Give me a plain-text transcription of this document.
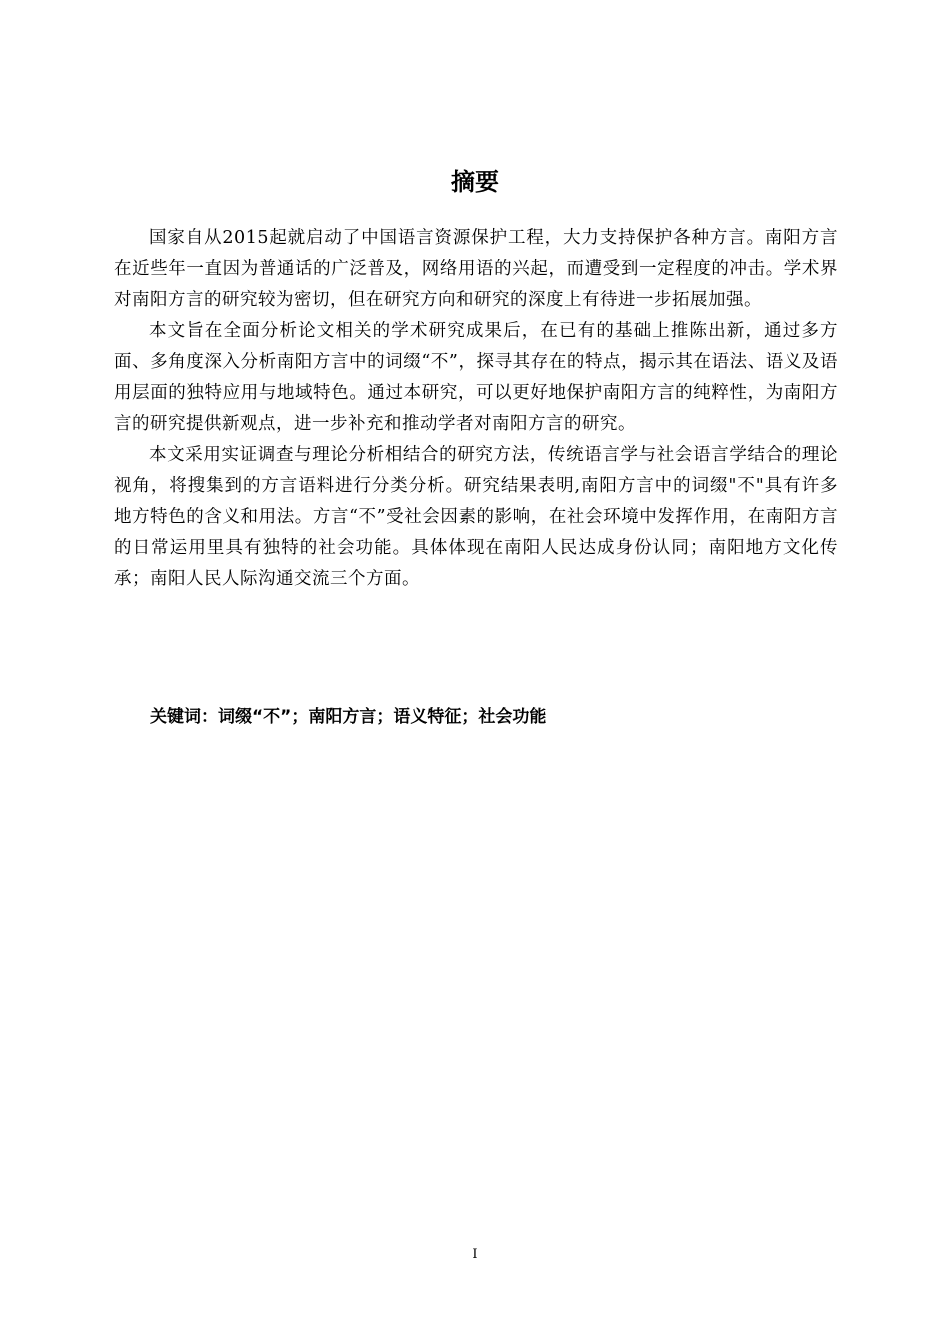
摘要

国家自从2015起就启动了中国语言资源保护工程，大力支持保护各种方言。南阳方言在近些年一直因为普通话的广泛普及，网络用语的兴起，而遭受到一定程度的冲击。学术界对南阳方言的研究较为密切，但在研究方向和研究的深度上有待进一步拓展加强。

本文旨在全面分析论文相关的学术研究成果后，在已有的基础上推陈出新，通过多方面、多角度深入分析南阳方言中的词缀“不”，探寻其存在的特点，揭示其在语法、语义及语用层面的独特应用与地域特色。通过本研究，可以更好地保护南阳方言的纯粹性，为南阳方言的研究提供新观点，进一步补充和推动学者对南阳方言的研究。

本文采用实证调查与理论分析相结合的研究方法，传统语言学与社会语言学结合的理论视角，将搜集到的方言语料进行分类分析。研究结果表明,南阳方言中的词缀"不"具有许多地方特色的含义和用法。方言“不”受社会因素的影响，在社会环境中发挥作用，在南阳方言的日常运用里具有独特的社会功能。具体体现在南阳人民达成身份认同；南阳地方文化传承；南阳人民人际沟通交流三个方面。

关键词：词缀“不”；南阳方言；语义特征；社会功能
I
